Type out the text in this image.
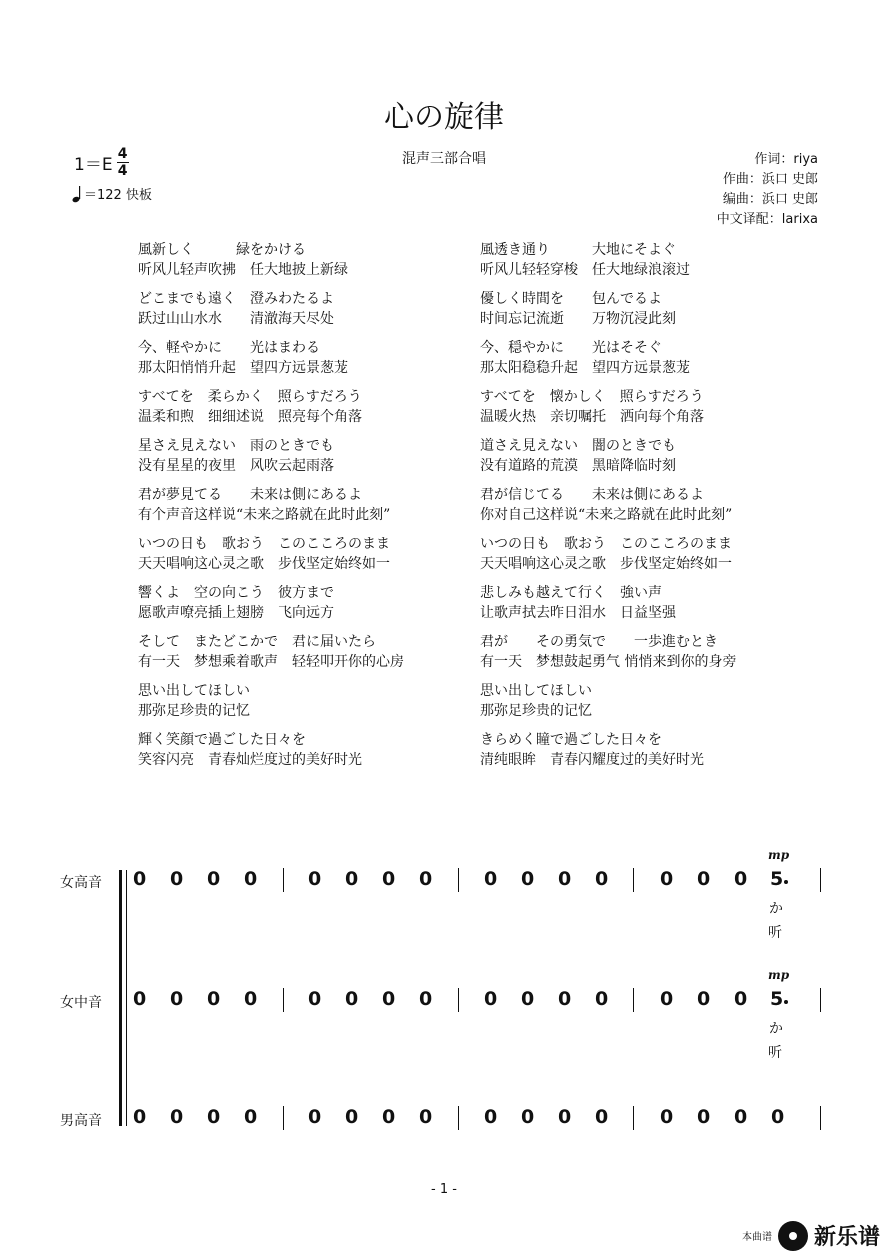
心の旋律
混声三部合唱
1＝E
4
4
＝122 快板
作词：riya
作曲：浜口 史郎
编曲：浜口 史郎
中文译配：larixa
風新しく　　　緑をかける
听风儿轻声吹拂　任大地披上新绿
どこまでも遠く　澄みわたるよ
跃过山山水水　　清澈海天尽处
今、軽やかに　　光はまわる
那太阳悄悄升起　望四方远景葱茏
すべてを　柔らかく　照らすだろう
温柔和煦　细细述说　照亮每个角落
星さえ見えない　雨のときでも
没有星星的夜里　风吹云起雨落
君が夢見てる　　未来は側にあるよ
有个声音这样说“未来之路就在此时此刻”
いつの日も　歌おう　このこころのまま
天天唱响这心灵之歌　步伐坚定始终如一
響くよ　空の向こう　彼方まで
愿歌声嘹亮插上翅膀　飞向远方
そして　またどこかで　君に届いたら
有一天　梦想乘着歌声　轻轻叩开你的心房
思い出してほしい
那弥足珍贵的记忆
輝く笑顔で過ごした日々を
笑容闪亮　青春灿烂度过的美好时光
風透き通り　　　大地にそよぐ
听风儿轻轻穿梭　任大地绿浪滚过
優しく時間を　　包んでるよ
时间忘记流逝　　万物沉浸此刻
今、穏やかに　　光はそそぐ
那太阳稳稳升起　望四方远景葱茏
すべてを　懐かしく　照らすだろう
温暖火热　亲切嘱托　洒向每个角落
道さえ見えない　闇のときでも
没有道路的荒漠　黑暗降临时刻
君が信じてる　　未来は側にあるよ
你对自己这样说“未来之路就在此时此刻”
いつの日も　歌おう　このこころのまま
天天唱响这心灵之歌　步伐坚定始终如一
悲しみも越えて行く　強い声
让歌声拭去昨日泪水　日益坚强
君が　　その勇気で　　一歩進むとき
有一天　梦想鼓起勇气 悄悄来到你的身旁
思い出してほしい
那弥足珍贵的记忆
きらめく瞳で過ごした日々を
清纯眼眸　青春闪耀度过的美好时光
女高音 0 0 0 0	0 0 0 0	0 0 0 0	0 0 0
mp
5
か
听
女中音 0 0 0 0	0 0 0 0	0 0 0 0	0 0 0
mp
5
か
听
男高音 0 0 0 0	0 0 0 0	0 0 0 0	0 0 0 0
- 1 -
本曲谱 新乐谱
